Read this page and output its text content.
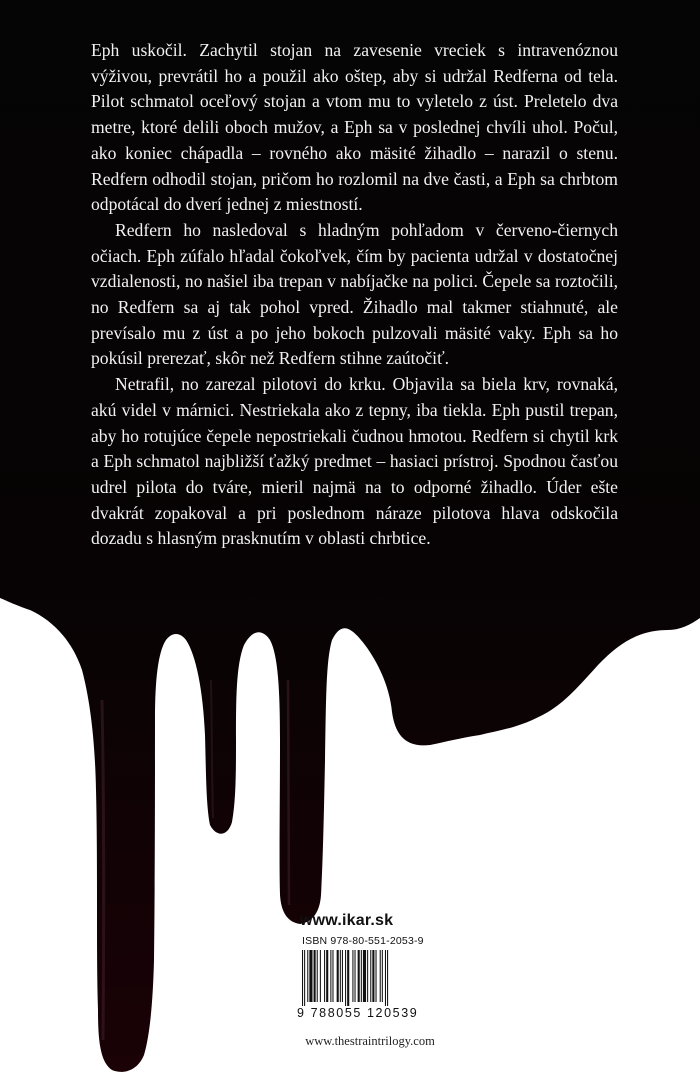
Eph uskočil. Zachytil stojan na zavesenie vreciek s intravenóznou výživou, prevrátil ho a použil ako oštep, aby si udržal Redferna od tela. Pilot schmatol oceľový stojan a vtom mu to vyletelo z úst. Preletelo dva metre, ktoré delili oboch mužov, a Eph sa v poslednej chvíli uhol. Počul, ako koniec chápadla – rovného ako mäsité žihadlo – narazil o stenu. Redfern odhodil stojan, pričom ho rozlomil na dve časti, a Eph sa chrbtom odpotácal do dverí jednej z miestností.

Redfern ho nasledoval s hladným pohľadom v červeno-čiernych očiach. Eph zúfalo hľadal čokoľvek, čím by pacienta udržal v dostatočnej vzdialenosti, no našiel iba trepan v nabíjačke na polici. Čepele sa roztočili, no Redfern sa aj tak pohol vpred. Žihadlo mal takmer stiahnuté, ale prevísalo mu z úst a po jeho bokoch pulzovali mäsité vaky. Eph sa ho pokúsil prerezať, skôr než Redfern stihne zaútočiť.

Netrafil, no zarezal pilotovi do krku. Objavila sa biela krv, rovnaká, akú videl v márnici. Nestriekala ako z tepny, iba tiekla. Eph pustil trepan, aby ho rotujúce čepele nepostriekali čudnou hmotou. Redfern si chytil krk a Eph schmatol najbližší ťažký predmet – hasiaci prístroj. Spodnou časťou udrel pilota do tváre, mieril najmä na to odporné žihadlo. Úder ešte dvakrát zopakoval a pri poslednom náraze pilotova hlava odskočila dozadu s hlasným prasknutím v oblasti chrbtice.

www.ikar.sk
ISBN 978-80-551-2053-9
9 788055 120539
www.thestraintrilogy.com
